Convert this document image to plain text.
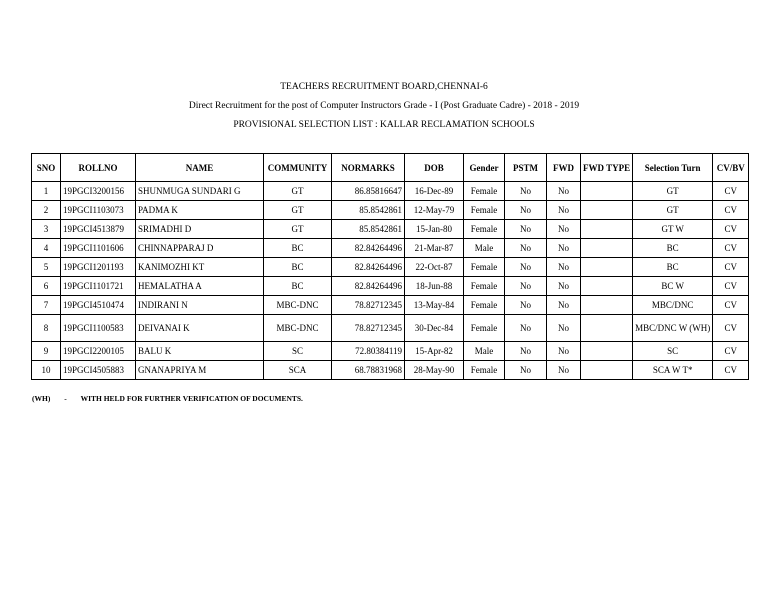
TEACHERS RECRUITMENT BOARD,CHENNAI-6
Direct Recruitment for the post of Computer Instructors Grade - I (Post Graduate Cadre) - 2018 - 2019
PROVISIONAL SELECTION LIST : KALLAR RECLAMATION SCHOOLS
SNO	ROLLNO	NAME	COMMUNITY	NORMARKS	DOB	Gender	PSTM	FWD	FWD TYPE	Selection Turn	CV/BV
1	19PGCI3200156	SHUNMUGA SUNDARI G	GT	86.85816647	16-Dec-89	Female	No	No		GT	CV
2	19PGCI1103073	PADMA K	GT	85.8542861	12-May-79	Female	No	No		GT	CV
3	19PGCI4513879	SRIMADHI D	GT	85.8542861	15-Jan-80	Female	No	No		GT W	CV
4	19PGCI1101606	CHINNAPPARAJ D	BC	82.84264496	21-Mar-87	Male	No	No		BC	CV
5	19PGCI1201193	KANIMOZHI KT	BC	82.84264496	22-Oct-87	Female	No	No		BC	CV
6	19PGCI1101721	HEMALATHA A	BC	82.84264496	18-Jun-88	Female	No	No		BC W	CV
7	19PGCI4510474	INDIRANI N	MBC-DNC	78.82712345	13-May-84	Female	No	No		MBC/DNC	CV
8	19PGCI1100583	DEIVANAI K	MBC-DNC	78.82712345	30-Dec-84	Female	No	No		MBC/DNC W (WH)	CV
9	19PGCI2200105	BALU K	SC	72.80384119	15-Apr-82	Male	No	No		SC	CV
10	19PGCI4505883	GNANAPRIYA M	SCA	68.78831968	28-May-90	Female	No	No		SCA W T*	CV
(WH) - WITH HELD FOR FURTHER VERIFICATION OF DOCUMENTS.
